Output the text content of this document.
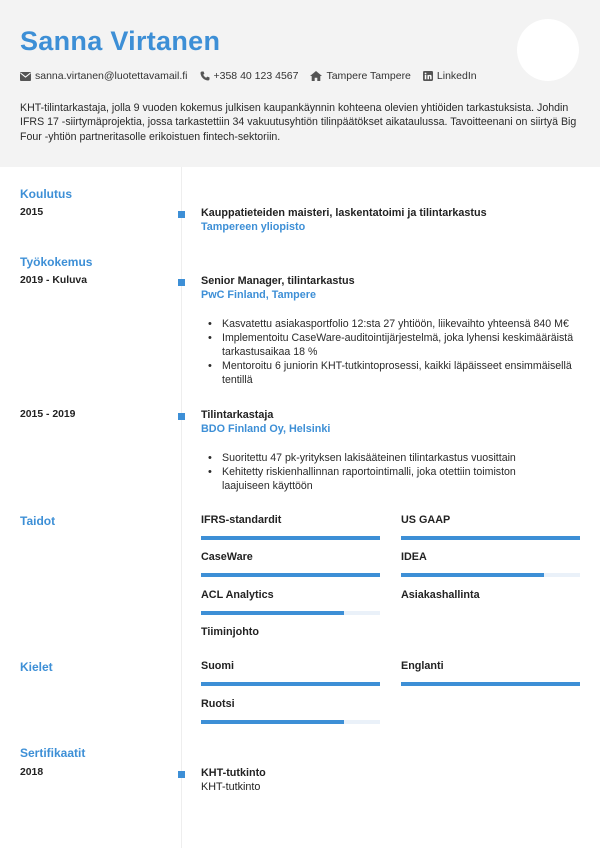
Sanna Virtanen
sanna.virtanen@luotettavamail.fi +358 40 123 4567	Tampere Tampere LinkedIn
KHT-tilintarkastaja, jolla 9 vuoden kokemus julkisen kaupankäynnin kohteena olevien yhtiöiden tarkastuksista. Johdin IFRS 17 -siirtymäprojektia, jossa tarkastettiin 34 vakuutusyhtiön tilinpäätökset aikataulussa. Tavoitteenani on siirtyä Big Four -yhtiön partneritasolle erikoistuen fintech-sektoriin.
Koulutus
2015	Kauppatieteiden maisteri, laskentatoimi ja tilintarkastus
Tampereen yliopisto
Työkokemus
2019 - Kuluva	Senior Manager, tilintarkastus
PwC Finland, Tampere
• Kasvatettu asiakasportfolio 12:sta 27 yhtiöön, liikevaihto yhteensä 840 M€
• Implementoitu CaseWare-auditointijärjestelmä, joka lyhensi keskimääräistä tarkastusaikaa 18 %
• Mentoroitu 6 juniorin KHT-tutkintoprosessi, kaikki läpäisseet ensimmäisellä tentillä
2015 - 2019	Tilintarkastaja
BDO Finland Oy, Helsinki
• Suoritettu 47 pk-yrityksen lakisääteinen tilintarkastus vuosittain
• Kehitetty riskienhallinnan raportointimalli, joka otettiin toimiston laajuiseen käyttöön
Taidot	IFRS-standardit	US GAAP
CaseWare	IDEA
ACL Analytics	Asiakashallinta
Tiiminjohto
Kielet	Suomi	Englanti
Ruotsi
Sertifikaatit
2018	KHT-tutkinto
KHT-tutkinto
